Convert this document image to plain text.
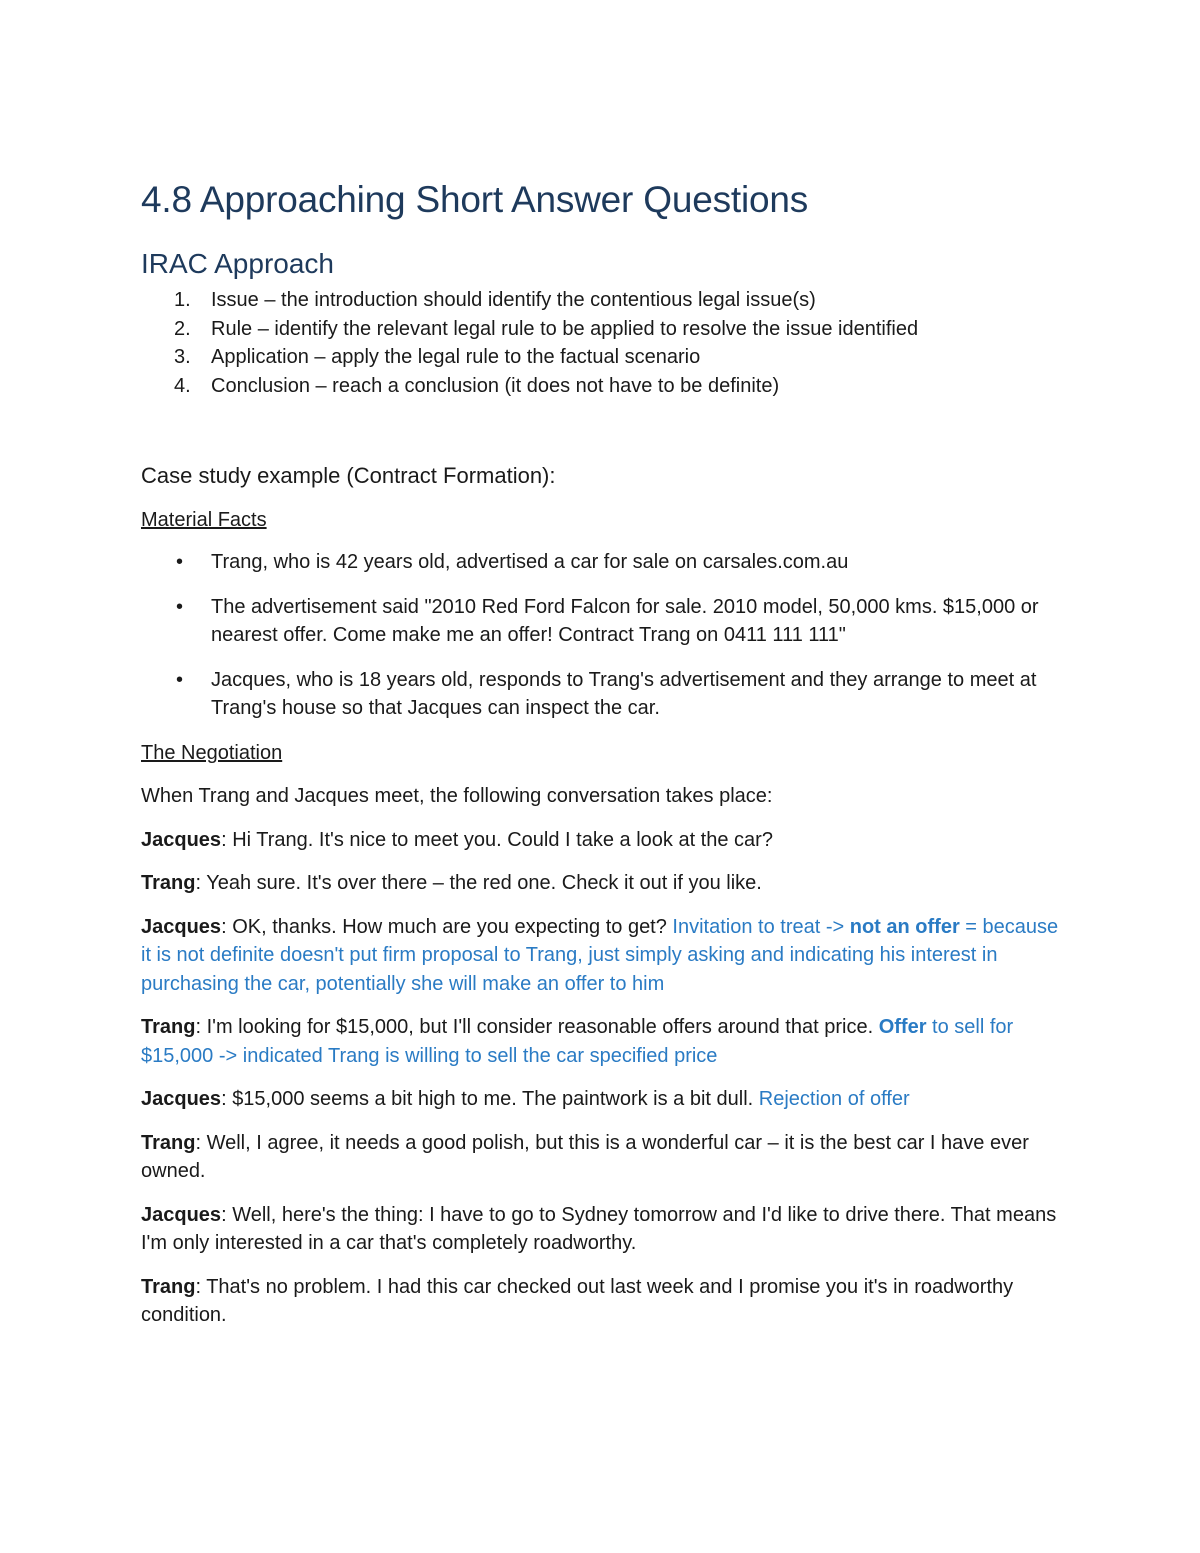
4.8 Approaching Short Answer Questions
IRAC Approach
1. Issue – the introduction should identify the contentious legal issue(s)
2. Rule – identify the relevant legal rule to be applied to resolve the issue identified
3. Application – apply the legal rule to the factual scenario
4. Conclusion – reach a conclusion (it does not have to be definite)
Case study example (Contract Formation):
Material Facts
• Trang, who is 42 years old, advertised a car for sale on carsales.com.au
• The advertisement said "2010 Red Ford Falcon for sale. 2010 model, 50,000 kms. $15,000 or nearest offer. Come make me an offer! Contract Trang on 0411 111 111"
• Jacques, who is 18 years old, responds to Trang's advertisement and they arrange to meet at Trang's house so that Jacques can inspect the car.

The Negotiation

When Trang and Jacques meet, the following conversation takes place:

Jacques: Hi Trang. It's nice to meet you. Could I take a look at the car?

Trang: Yeah sure. It's over there – the red one. Check it out if you like.

Jacques: OK, thanks. How much are you expecting to get? Invitation to treat -> not an offer = because it is not definite doesn't put firm proposal to Trang, just simply asking and indicating his interest in purchasing the car, potentially she will make an offer to him

Trang: I'm looking for $15,000, but I'll consider reasonable offers around that price. Offer to sell for $15,000 -> indicated Trang is willing to sell the car specified price

Jacques: $15,000 seems a bit high to me. The paintwork is a bit dull. Rejection of offer

Trang: Well, I agree, it needs a good polish, but this is a wonderful car – it is the best car I have ever owned.

Jacques: Well, here's the thing: I have to go to Sydney tomorrow and I'd like to drive there. That means I'm only interested in a car that's completely roadworthy.

Trang: That's no problem. I had this car checked out last week and I promise you it's in roadworthy condition.
